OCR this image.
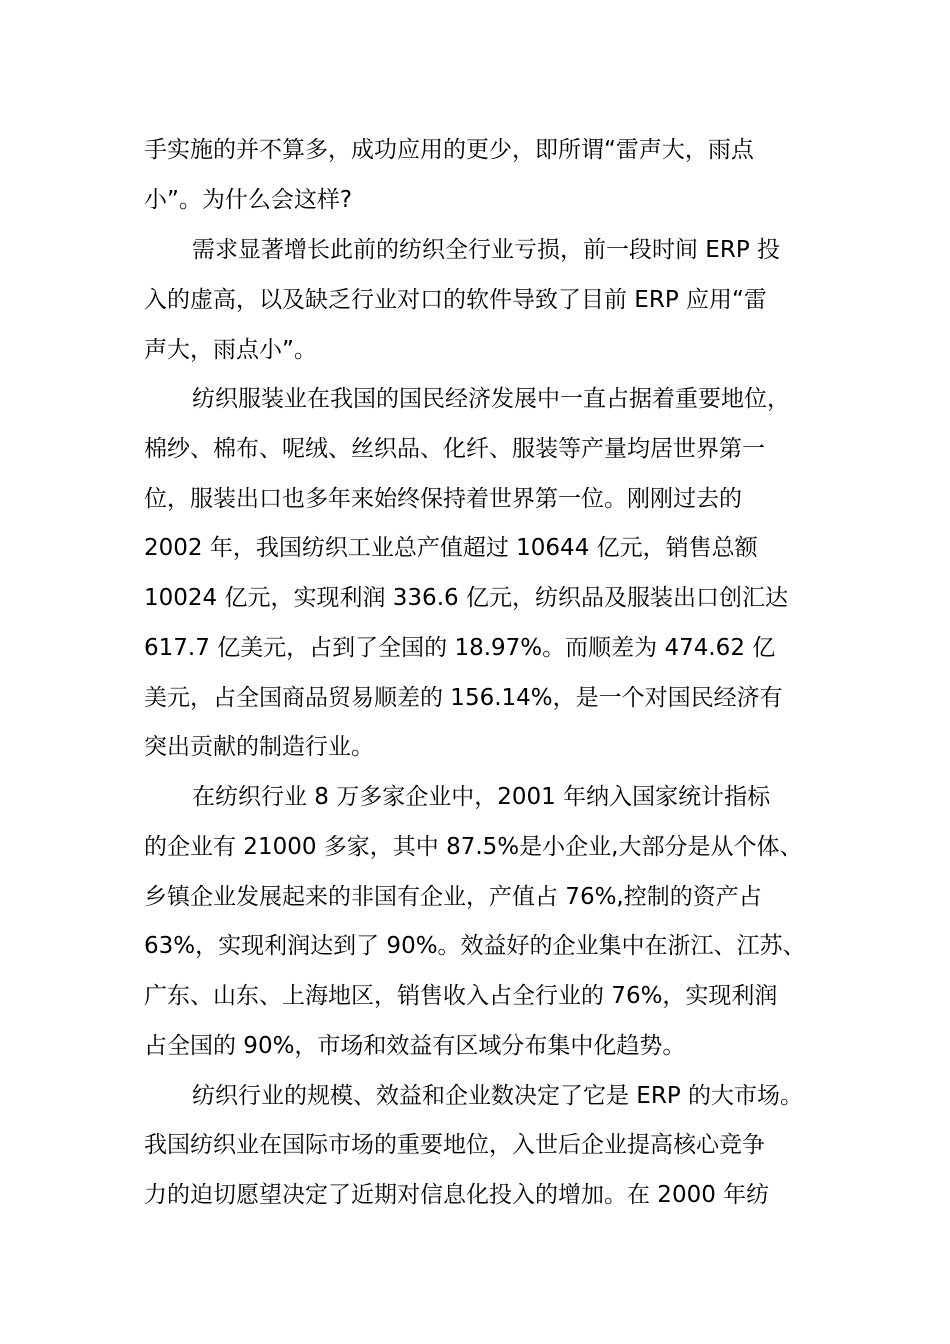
手实施的并不算多，成功应用的更少，即所谓“雷声大，雨点
小”。为什么会这样?
需求显著增长此前的纺织全行业亏损，前一段时间 ERP 投
入的虚高，以及缺乏行业对口的软件导致了目前 ERP 应用“雷
声大，雨点小”。
纺织服装业在我国的国民经济发展中一直占据着重要地位，
棉纱、棉布、呢绒、丝织品、化纤、服装等产量均居世界第一
位，服装出口也多年来始终保持着世界第一位。刚刚过去的
2002 年，我国纺织工业总产值超过 10644 亿元，销售总额
10024 亿元，实现利润 336.6 亿元，纺织品及服装出口创汇达
617.7 亿美元，占到了全国的 18.97%。而顺差为 474.62 亿
美元，占全国商品贸易顺差的 156.14%，是一个对国民经济有
突出贡献的制造行业。
在纺织行业 8 万多家企业中，2001 年纳入国家统计指标
的企业有 21000 多家，其中 87.5%是小企业,大部分是从个体、
乡镇企业发展起来的非国有企业，产值占 76%,控制的资产占
63%，实现利润达到了 90%。效益好的企业集中在浙江、江苏、
广东、山东、上海地区，销售收入占全行业的 76%，实现利润
占全国的 90%，市场和效益有区域分布集中化趋势。
纺织行业的规模、效益和企业数决定了它是 ERP 的大市场。
我国纺织业在国际市场的重要地位，入世后企业提高核心竞争
力的迫切愿望决定了近期对信息化投入的增加。在 2000 年纺
